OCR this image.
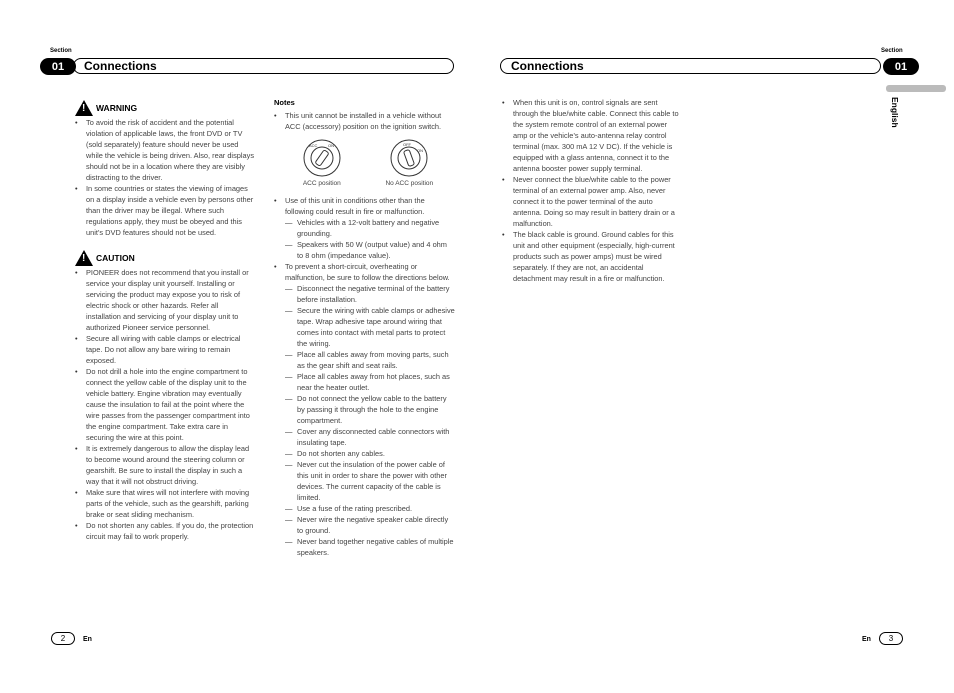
Section
01	Connections
Section
Connections	01
English
! WARNING
• To avoid the risk of accident and the potential violation of applicable laws, the front DVD or TV (sold separately) feature should never be used while the vehicle is being driven. Also, rear displays should not be in a location where they are visibly distracting to the driver.
• In some countries or states the viewing of images on a display inside a vehicle even by persons other than the driver may be illegal. Where such regulations apply, they must be obeyed and this unit’s DVD features should not be used.
! CAUTION
• PIONEER does not recommend that you install or service your display unit yourself. Installing or servicing the product may expose you to risk of electric shock or other hazards. Refer all installation and servicing of your display unit to authorized Pioneer service personnel.
• Secure all wiring with cable clamps or electrical tape. Do not allow any bare wiring to remain exposed.
• Do not drill a hole into the engine compartment to connect the yellow cable of the display unit to the vehicle battery. Engine vibration may eventually cause the insulation to fail at the point where the wire passes from the passenger compartment into the engine compartment. Take extra care in securing the wire at this point.
• It is extremely dangerous to allow the display lead to become wound around the steering column or gearshift. Be sure to install the display in such a way that it will not obstruct driving.
• Make sure that wires will not interfere with moving parts of the vehicle, such as the gearshift, parking brake or seat sliding mechanism.
• Do not shorten any cables. If you do, the protection circuit may fail to work properly.
Notes
• This unit cannot be installed in a vehicle without ACC (accessory) position on the ignition switch.
ACC	ON
ACC position
OFF
ON
No ACC position
• Use of this unit in conditions other than the following could result in fire or malfunction.
— Vehicles with a 12-volt battery and negative grounding.
— Speakers with 50 W (output value) and 4 ohm to 8 ohm (impedance value).
• To prevent a short-circuit, overheating or malfunction, be sure to follow the directions below.
— Disconnect the negative terminal of the battery before installation.
— Secure the wiring with cable clamps or adhesive tape. Wrap adhesive tape around wiring that comes into contact with metal parts to protect the wiring.
— Place all cables away from moving parts, such as the gear shift and seat rails.
— Place all cables away from hot places, such as near the heater outlet.
— Do not connect the yellow cable to the battery by passing it through the hole to the engine compartment.
— Cover any disconnected cable connectors with insulating tape.
— Do not shorten any cables.
— Never cut the insulation of the power cable of this unit in order to share the power with other devices. The current capacity of the cable is limited.
— Use a fuse of the rating prescribed.
— Never wire the negative speaker cable directly to ground.
— Never band together negative cables of multiple speakers.
• When this unit is on, control signals are sent through the blue/white cable. Connect this cable to the system remote control of an external power amp or the vehicle’s auto-antenna relay control terminal (max. 300 mA 12 V DC). If the vehicle is equipped with a glass antenna, connect it to the antenna booster power supply terminal.
• Never connect the blue/white cable to the power terminal of an external power amp. Also, never connect it to the power terminal of the auto antenna. Doing so may result in battery drain or a malfunction.
• The black cable is ground. Ground cables for this unit and other equipment (especially, high-current products such as power amps) must be wired separately. If they are not, an accidental detachment may result in a fire or malfunction.
2	En	En	3
